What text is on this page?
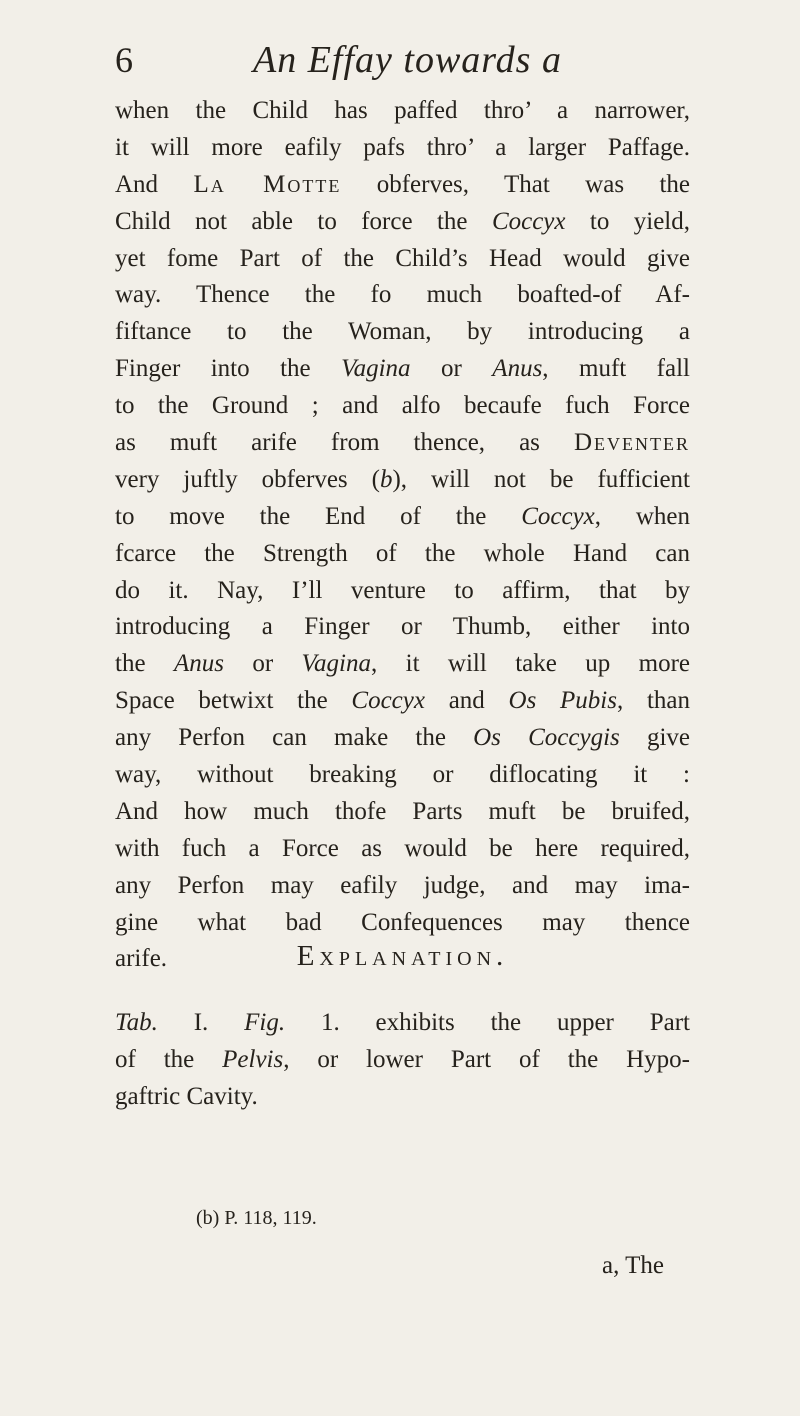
6	An Effay towards a
when the Child has paffed thro’ a narrower,
it will more eafily pafs thro’ a larger Paffage.
And La Motte obferves, That was the
Child not able to force the Coccyx to yield,
yet fome Part of the Child’s Head would give
way. Thence the fo much boafted-of Af-
fiftance to the Woman, by introducing a
Finger into the Vagina or Anus, muft fall
to the Ground ; and alfo becaufe fuch Force
as muft arife from thence, as Deventer
very juftly obferves (b), will not be fufficient
to move the End of the Coccyx, when
fcarce the Strength of the whole Hand can
do it. Nay, I’ll venture to affirm, that by
introducing a Finger or Thumb, either into
the Anus or Vagina, it will take up more
Space betwixt the Coccyx and Os Pubis, than
any Perfon can make the Os Coccygis give
way, without breaking or diflocating it :
And how much thofe Parts muft be bruifed,
with fuch a Force as would be here required,
any Perfon may eafily judge, and may ima-
gine what bad Confequences may thence
arife.	Explanation.
Tab. I. Fig. 1. exhibits the upper Part
of the Pelvis, or lower Part of the Hypo-
gaftric Cavity.
(b) P. 118, 119.
a, The
